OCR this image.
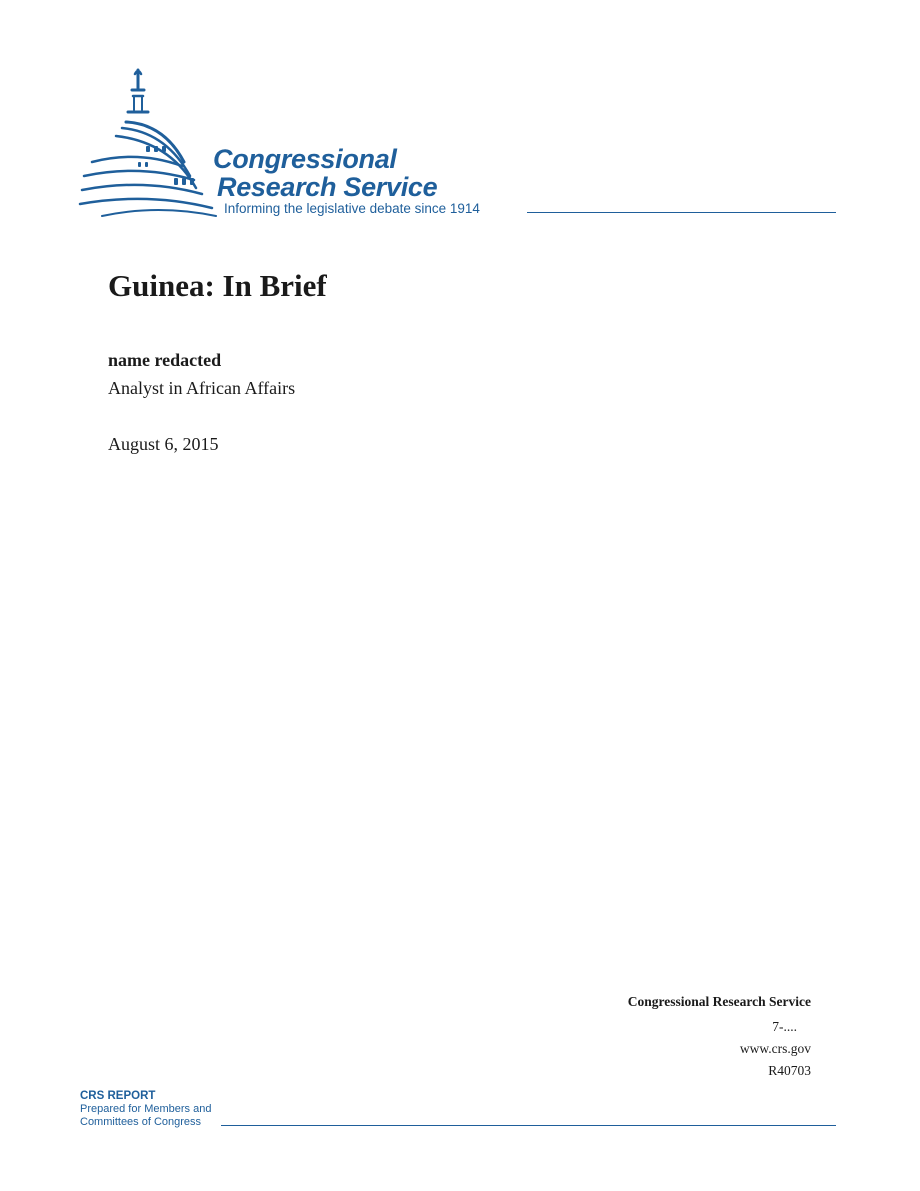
Congressional
Research Service
Informing the legislative debate since 1914
Guinea: In Brief
name redacted
Analyst in African Affairs
August 6, 2015
Congressional Research Service
7-....
www.crs.gov
R40703
CRS REPORT
Prepared for Members and
Committees of Congress
